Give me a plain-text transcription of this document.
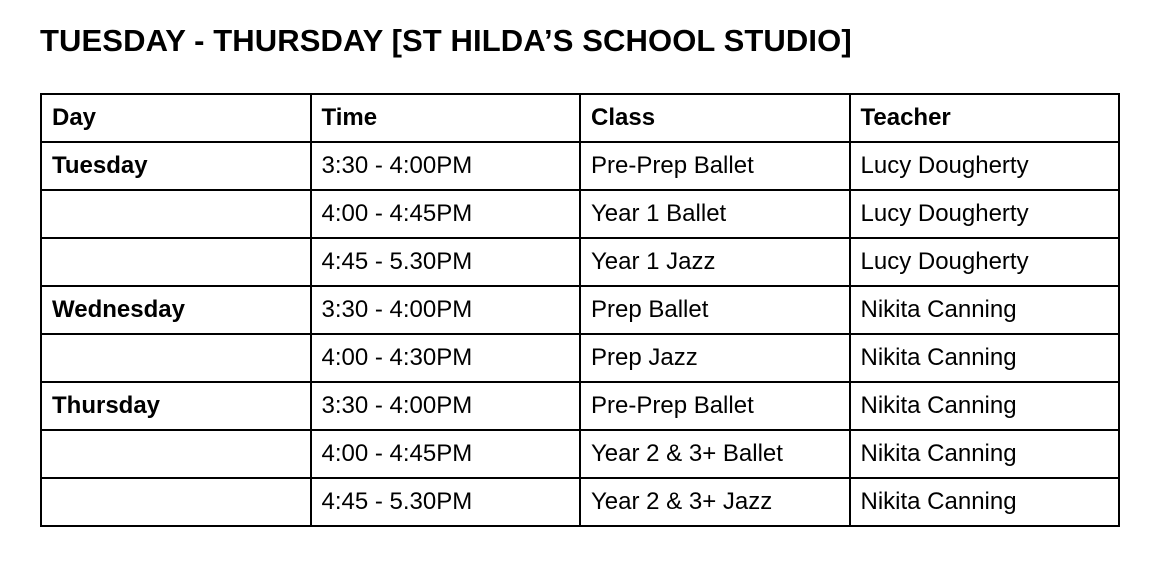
TUESDAY - THURSDAY [ST HILDA’S SCHOOL STUDIO]
Day	Time	Class	Teacher
Tuesday	3:30 - 4:00PM	Pre-Prep Ballet	Lucy Dougherty
	4:00 - 4:45PM	Year 1 Ballet	Lucy Dougherty
	4:45 - 5.30PM	Year 1 Jazz	Lucy Dougherty
Wednesday	3:30 - 4:00PM	Prep Ballet	Nikita Canning
	4:00 - 4:30PM	Prep Jazz	Nikita Canning
Thursday	3:30 - 4:00PM	Pre-Prep Ballet	Nikita Canning
	4:00 - 4:45PM	Year 2 & 3+ Ballet	Nikita Canning
	4:45 - 5.30PM	Year 2 & 3+ Jazz	Nikita Canning
